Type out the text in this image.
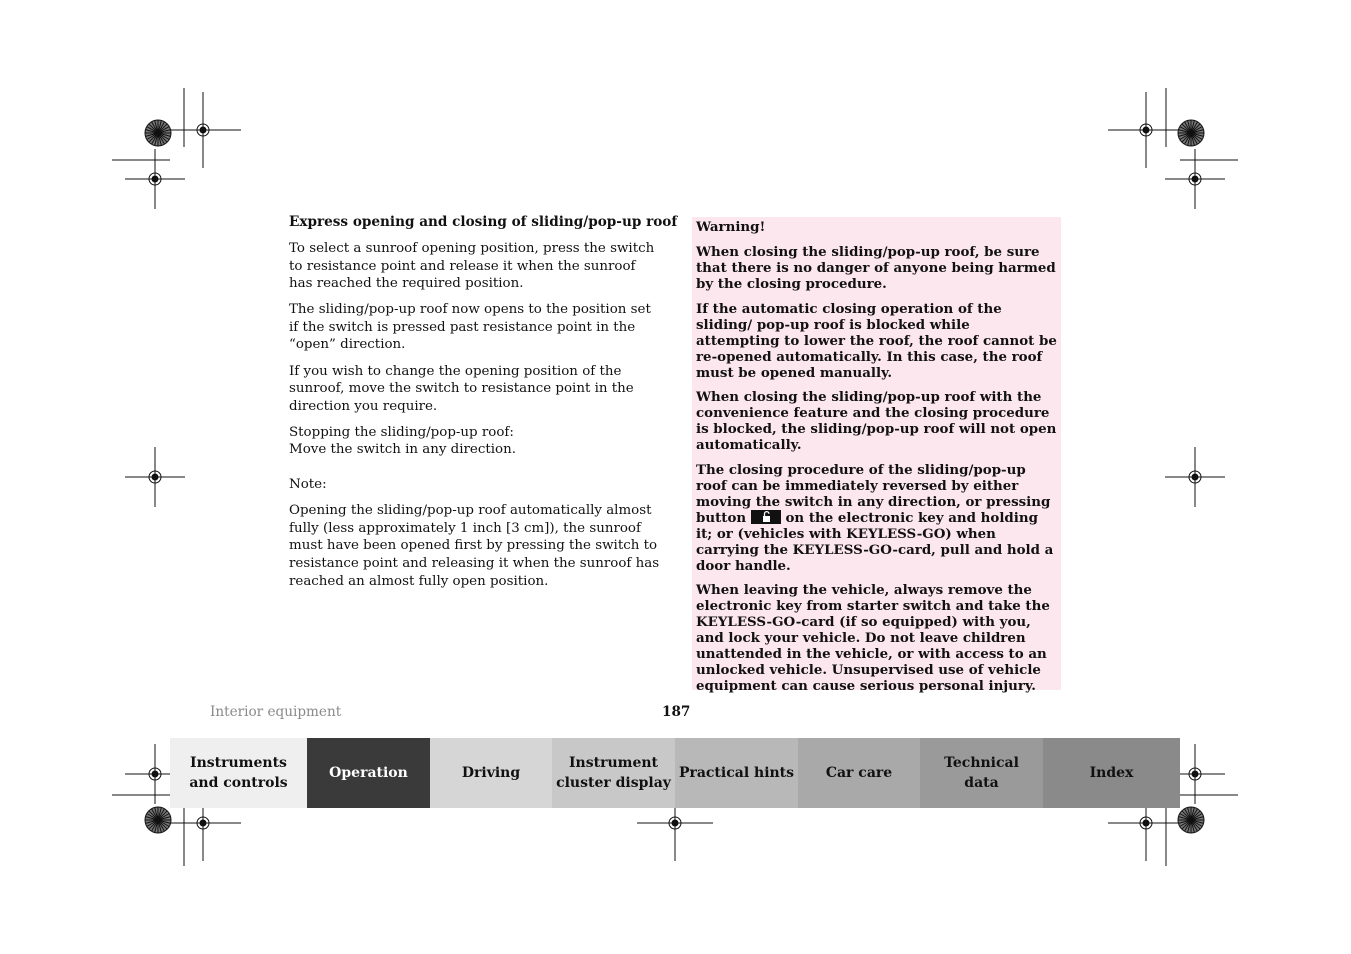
Express opening and closing of sliding/pop-up roof

To select a sunroof opening position, press the switch to resistance point and release it when the sunroof has reached the required position.

The sliding/pop-up roof now opens to the position set if the switch is pressed past resistance point in the “open” direction.

If you wish to change the opening position of the sunroof, move the switch to resistance point in the direction you require.

Stopping the sliding/pop-up roof:
Move the switch in any direction.

Note:

Opening the sliding/pop-up roof automatically almost fully (less approximately 1 inch [3 cm]), the sunroof must have been opened first by pressing the switch to resistance point and releasing it when the sunroof has reached an almost fully open position.

Warning!

When closing the sliding/pop-up roof, be sure that there is no danger of anyone being harmed by the closing procedure.

If the automatic closing operation of the sliding/ pop-up roof is blocked while attempting to lower the roof, the roof cannot be re-opened automatically. In this case, the roof must be opened manually.

When closing the sliding/pop-up roof with the convenience feature and the closing procedure is blocked, the sliding/pop-up roof will not open automatically.

The closing procedure of the sliding/pop-up roof can be immediately reversed by either moving the switch in any direction, or pressing button	on the electronic key and holding it; or (vehicles with KEYLESS-GO) when carrying the KEYLESS-GO-card, pull and hold a door handle.

When leaving the vehicle, always remove the electronic key from starter switch and take the KEYLESS-GO-card (if so equipped) with you, and lock your vehicle. Do not leave children unattended in the vehicle, or with access to an unlocked vehicle. Unsupervised use of vehicle equipment can cause serious personal injury.

Interior equipment	187
Instruments
and controls
Operation	Driving
Instrument
cluster display
Practical hints	Car care
Technical
data
Index
